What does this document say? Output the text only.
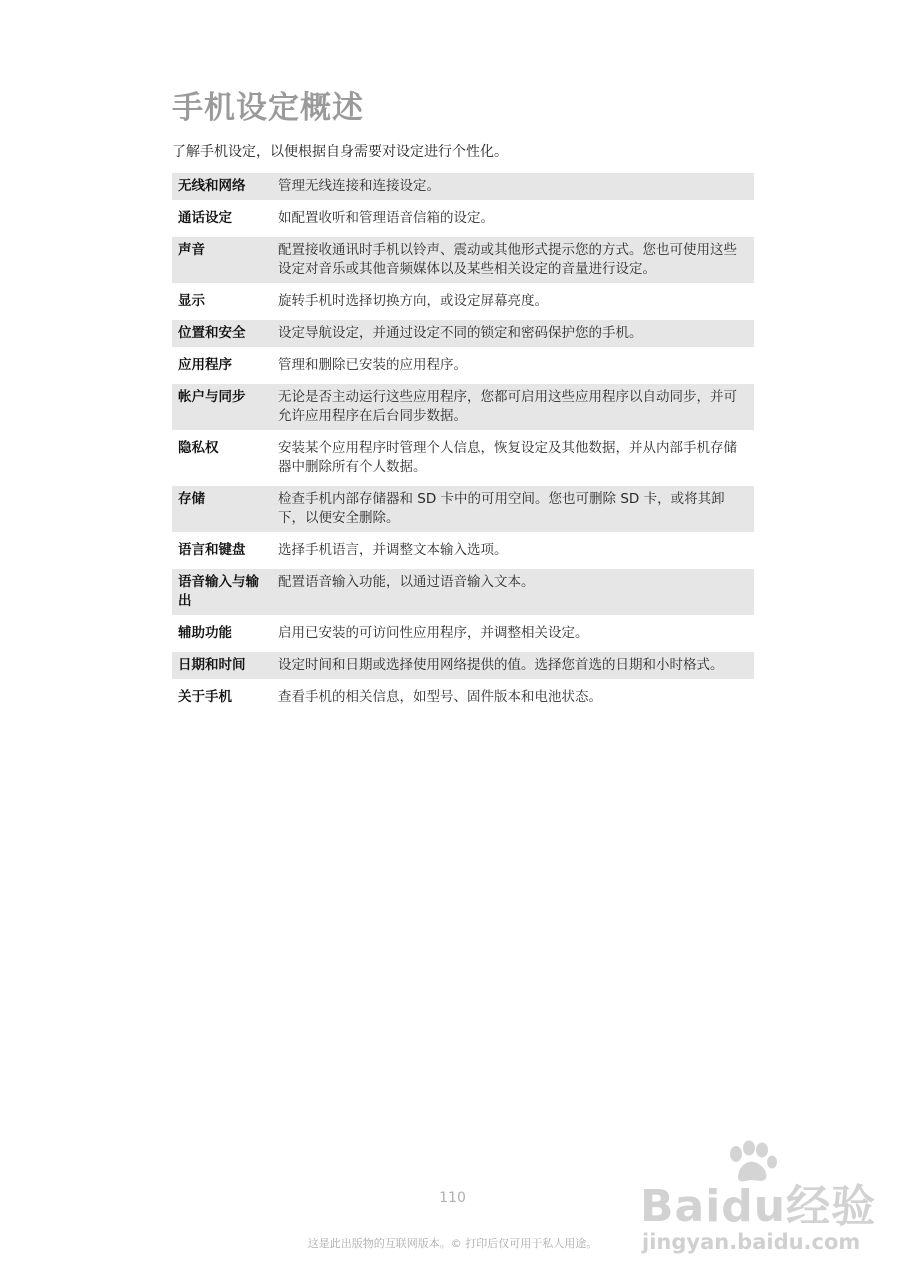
手机设定概述

了解手机设定，以便根据自身需要对设定进行个性化。

无线和网络	管理无线连接和连接设定。
通话设定	如配置收听和管理语音信箱的设定。
声音	配置接收通讯时手机以铃声、震动或其他形式提示您的方式。您也可使用这些设定对音乐或其他音频媒体以及某些相关设定的音量进行设定。
显示	旋转手机时选择切换方向，或设定屏幕亮度。
位置和安全	设定导航设定，并通过设定不同的锁定和密码保护您的手机。
应用程序	管理和删除已安装的应用程序。
帐户与同步	无论是否主动运行这些应用程序，您都可启用这些应用程序以自动同步，并可允许应用程序在后台同步数据。
隐私权	安装某个应用程序时管理个人信息，恢复设定及其他数据，并从内部手机存储器中删除所有个人数据。
存储	检查手机内部存储器和 SD 卡中的可用空间。您也可删除 SD 卡，或将其卸下，以便安全删除。
语言和键盘	选择手机语言，并调整文本输入选项。
语音输入与输出	配置语音输入功能，以通过语音输入文本。
辅助功能	启用已安装的可访问性应用程序，并调整相关设定。
日期和时间	设定时间和日期或选择使用网络提供的值。选择您首选的日期和小时格式。
关于手机	查看手机的相关信息，如型号、固件版本和电池状态。
110
这是此出版物的互联网版本。© 打印后仅可用于私人用途。
Baidu经验
jingyan.baidu.com
